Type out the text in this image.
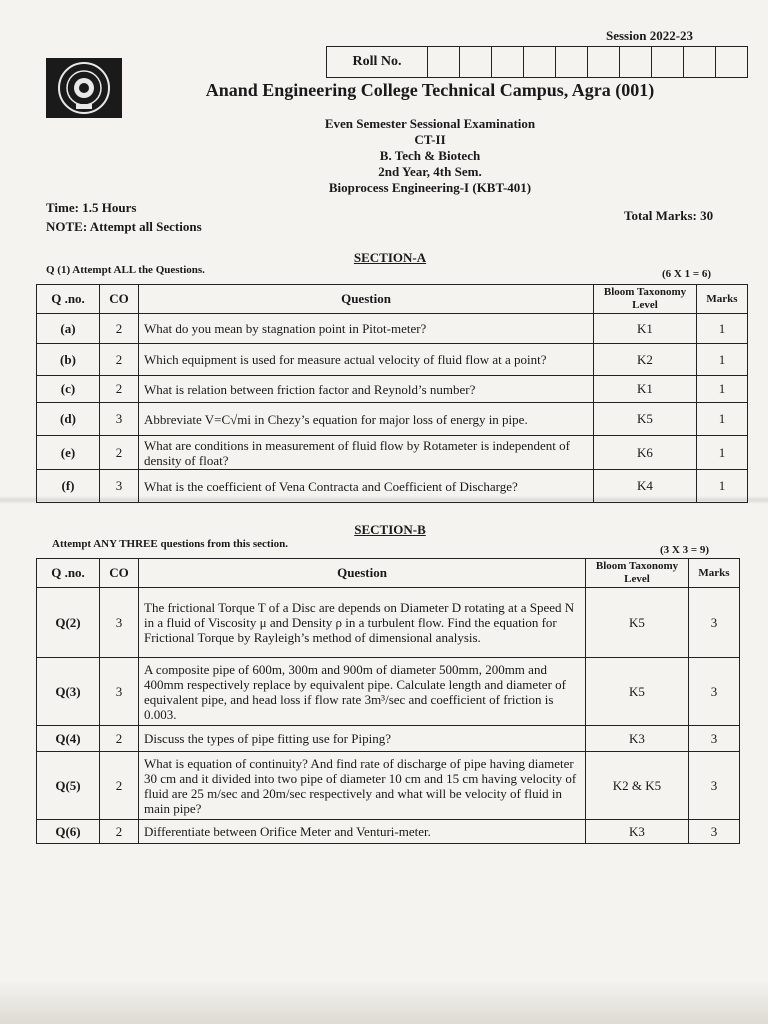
Session 2022-23
Roll No.
Anand Engineering College Technical Campus, Agra (001)
Even Semester Sessional Examination
CT-II
B. Tech & Biotech
2nd Year, 4th Sem.
Bioprocess Engineering-I (KBT-401)
Time: 1.5 Hours
NOTE: Attempt all Sections
Total Marks: 30
SECTION-A
Q (1) Attempt ALL the Questions.	(6 X 1 = 6)
Q .no.	CO	Question	Bloom Taxonomy Level	Marks
(a)	2	What do you mean by stagnation point in Pitot-meter?	K1	1
(b)	2	Which equipment is used for measure actual velocity of fluid flow at a point?	K2	1
(c)	2	What is relation between friction factor and Reynold’s number?	K1	1
(d)	3	Abbreviate V=C√mi in Chezy’s equation for major loss of energy in pipe.	K5	1
(e)	2	What are conditions in measurement of fluid flow by Rotameter is independent of density of float?	K6	1
(f)	3	What is the coefficient of Vena Contracta and Coefficient of Discharge?	K4	1
SECTION-B
Attempt ANY THREE questions from this section.	(3 X 3 = 9)
Q .no.	CO	Question	Bloom Taxonomy Level	Marks
Q(2)	3	The frictional Torque T of a Disc are depends on Diameter D rotating at a Speed N in a fluid of Viscosity μ and Density ρ in a turbulent flow. Find the equation for Frictional Torque by Rayleigh’s method of dimensional analysis.	K5	3
Q(3)	3	A composite pipe of 600m, 300m and 900m of diameter 500mm, 200mm and 400mm respectively replace by equivalent pipe. Calculate length and diameter of equivalent pipe, and head loss if flow rate 3m³/sec and coefficient of friction is 0.003.	K5	3
Q(4)	2	Discuss the types of pipe fitting use for Piping?	K3	3
Q(5)	2	What is equation of continuity? And find rate of discharge of pipe having diameter 30 cm and it divided into two pipe of diameter 10 cm and 15 cm having velocity of fluid are 25 m/sec and 20m/sec respectively and what will be velocity of fluid in main pipe?	K2 & K5	3
Q(6)	2	Differentiate between Orifice Meter and Venturi-meter.	K3	3
